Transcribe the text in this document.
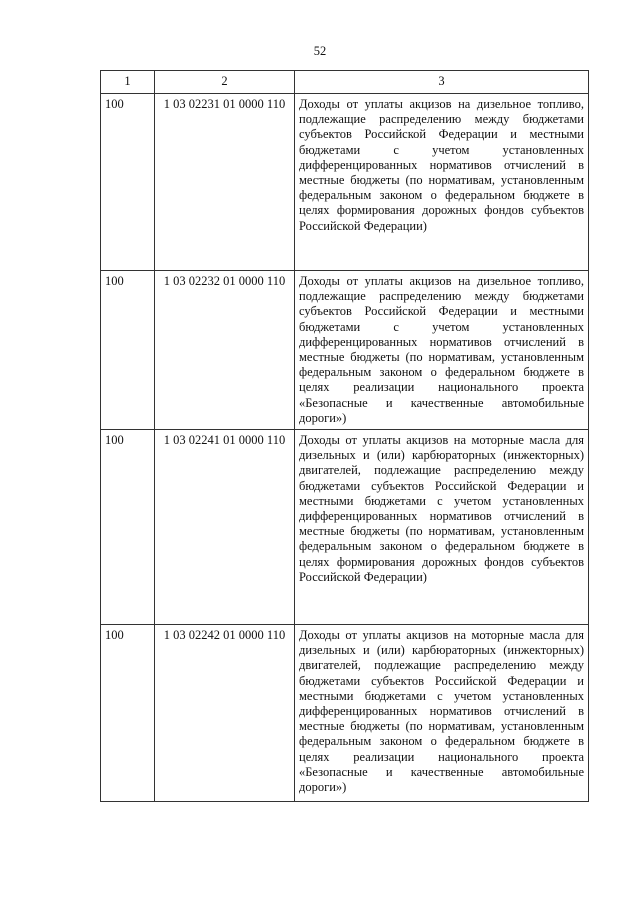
52
1	2	3
100	1 03 02231 01 0000 110	Доходы от уплаты акцизов на дизельное топливо, подлежащие распределению между бюджетами субъектов Российской Федерации и местными бюджетами с учетом установленных дифференцированных нормативов отчислений в местные бюджеты (по нормативам, установленным федеральным законом о федеральном бюджете в целях формирования дорожных фондов субъектов Российской Федерации)
100	1 03 02232 01 0000 110	Доходы от уплаты акцизов на дизельное топливо, подлежащие распределению между бюджетами субъектов Российской Федерации и местными бюджетами с учетом установленных дифференцированных нормативов отчислений в местные бюджеты (по нормативам, установленным федеральным законом о федеральном бюджете в целях реализации национального проекта «Безопасные и качественные автомобильные дороги»)
100	1 03 02241 01 0000 110	Доходы от уплаты акцизов на моторные масла для дизельных и (или) карбюраторных (инжекторных) двигателей, подлежащие распределению между бюджетами субъектов Российской Федерации и местными бюджетами с учетом установленных дифференцированных нормативов отчислений в местные бюджеты (по нормативам, установленным федеральным законом о федеральном бюджете в целях формирования дорожных фондов субъектов Российской Федерации)
100	1 03 02242 01 0000 110	Доходы от уплаты акцизов на моторные масла для дизельных и (или) карбюраторных (инжекторных) двигателей, подлежащие распределению между бюджетами субъектов Российской Федерации и местными бюджетами с учетом установленных дифференцированных нормативов отчислений в местные бюджеты (по нормативам, установленным федеральным законом о федеральном бюджете в целях реализации национального проекта «Безопасные и качественные автомобильные дороги»)
